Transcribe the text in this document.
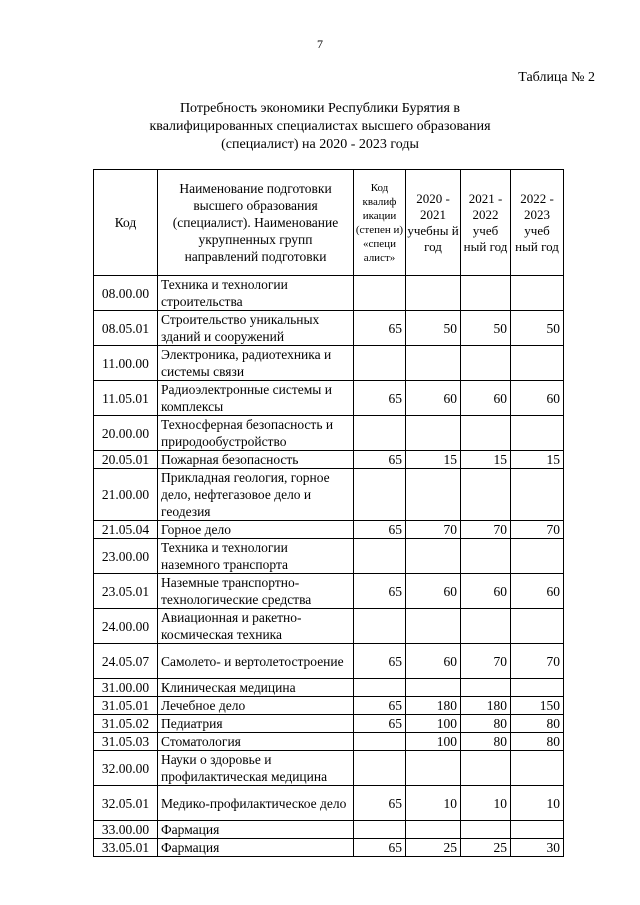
7
Таблица № 2
Потребность экономики Республики Бурятия в
квалифицированных специалистах высшего образования
(специалист) на 2020 - 2023 годы
Код	Наименование подготовки высшего образования (специалист). Наименование укрупненных групп направлений подготовки	Код квалиф икации (степен и) «специ алист»	2020 - 2021 учебны й год	2021 - 2022 учеб ный год	2022 - 2023 учеб ный год
08.00.00	Техника и технологии строительства				
08.05.01	Строительство уникальных зданий и сооружений	65	50	50	50
11.00.00	Электроника, радиотехника и системы связи				
11.05.01	Радиоэлектронные системы и комплексы	65	60	60	60
20.00.00	Техносферная безопасность и природообустройство				
20.05.01	Пожарная безопасность	65	15	15	15
21.00.00	Прикладная геология, горное дело, нефтегазовое дело и геодезия				
21.05.04	Горное дело	65	70	70	70
23.00.00	Техника и технологии наземного транспорта				
23.05.01	Наземные транспортно-технологические средства	65	60	60	60
24.00.00	Авиационная и ракетно-космическая техника				
24.05.07	Самолето- и вертолетостроение	65	60	70	70
31.00.00	Клиническая медицина				
31.05.01	Лечебное дело	65	180	180	150
31.05.02	Педиатрия	65	100	80	80
31.05.03	Стоматология		100	80	80
32.00.00	Науки о здоровье и профилактическая медицина				
32.05.01	Медико-профилактическое дело	65	10	10	10
33.00.00	Фармация				
33.05.01	Фармация	65	25	25	30
